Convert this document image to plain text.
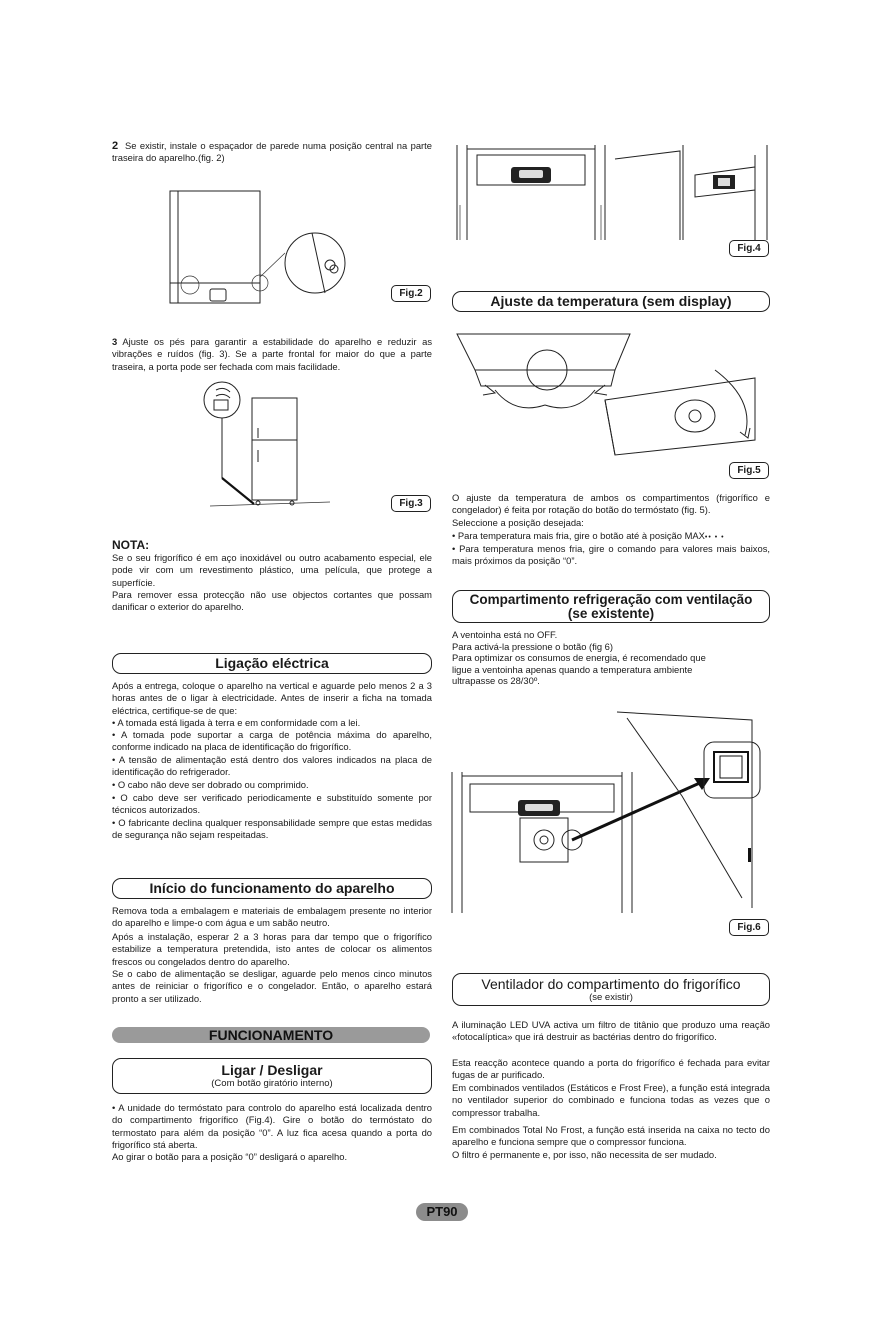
2 Se existir, instale o espaçador de parede numa posição central na parte traseira do aparelho.(fig. 2)

Fig.2

3 Ajuste os pés para garantir a estabilidade do aparelho e reduzir as vibrações e ruídos (fig. 3). Se a parte frontal for maior do que a parte traseira, a porta pode ser fechada com mais facilidade.

Fig.3

NOTA:

Se o seu frigorífico é em aço inoxidável ou outro acabamento especial, ele pode vir com um revestimento plástico, uma película, que protege a superfície.

Para remover essa protecção não use objectos cortantes que possam danificar o exterior do aparelho.

Ligação eléctrica

Após a entrega, coloque o aparelho na vertical e aguarde pelo menos 2 a 3 horas antes de o ligar à electricidade. Antes de inserir a ficha na tomada eléctrica, certifique-se de que:

• A tomada está ligada à terra e em conformidade com a lei.

• A tomada pode suportar a carga de potência máxima do aparelho, conforme indicado na placa de identificação do frigorífico.

• A tensão de alimentação está dentro dos valores indicados na placa de identificação do refrigerador.

• O cabo não deve ser dobrado ou comprimido.

• O cabo deve ser verificado periodicamente e substituído somente por técnicos autorizados.

• O fabricante declina qualquer responsabilidade sempre que estas medidas de segurança não sejam respeitadas.

Início do funcionamento do aparelho

Remova toda a embalagem e materiais de embalagem presente no interior do aparelho e limpe-o com água e um sabão neutro.

Após a instalação, esperar 2 a 3 horas para dar tempo que o frigorífico estabilize a temperatura pretendida, isto antes de colocar os alimentos frescos ou congelados dentro do aparelho.

Se o cabo de alimentação se desligar, aguarde pelo menos cinco minutos antes de reiniciar o frigorífico e o congelador. Então, o aparelho estará pronto a ser utilizado.

FUNCIONAMENTO
Ligar / Desligar
(Com botão giratório interno)

• A unidade do termóstato para controlo do aparelho está localizada dentro do compartimento frigorífico (Fig.4). Gire o botão do termóstato do termostato para além da posição “0”. A luz fica acesa quando a porta do frigorífico stá aberta.

Ao girar o botão para a posição “0” desligará o aparelho.

Fig.4
Ajuste da temperatura (sem display)
Fig.5

O ajuste da temperatura de ambos os compartimentos (frigorífico e congelador) é feita por rotação do botão do termóstato (fig. 5).

Seleccione a posição desejada:

• Para temperatura mais fria, gire o botão até à posição MAX•• • •

• Para temperatura menos fria, gire o comando para valores mais baixos, mais próximos da posição “0”.

Compartimento refrigeração com ventilação
(se existente)
A ventoinha está no OFF.
Para activá-la pressione o botão (fig 6)
Para optimizar os consumos de energia, é recomendado que
ligue a ventoinha apenas quando a temperatura ambiente
ultrapasse os 28/30º.
Fig.6
Ventilador do compartimento do frigorífico
(se existir)

A iluminação LED UVA activa um filtro de titânio que produzo uma reação «fotocalíptica» que irá destruir as bactérias dentro do frigorífico.

Esta reacção acontece quando a porta do frigorífico é fechada para evitar fugas de ar purificado.

Em combinados ventilados (Estáticos e Frost Free), a função está integrada no ventilador superior do combinado e funciona todas as vezes que o compressor trabalha.

Em combinados Total No Frost, a função está inserida na caixa no tecto do aparelho e funciona sempre que o compressor funciona.

O filtro é permanente e, por isso, não necessita de ser mudado.

PT90
